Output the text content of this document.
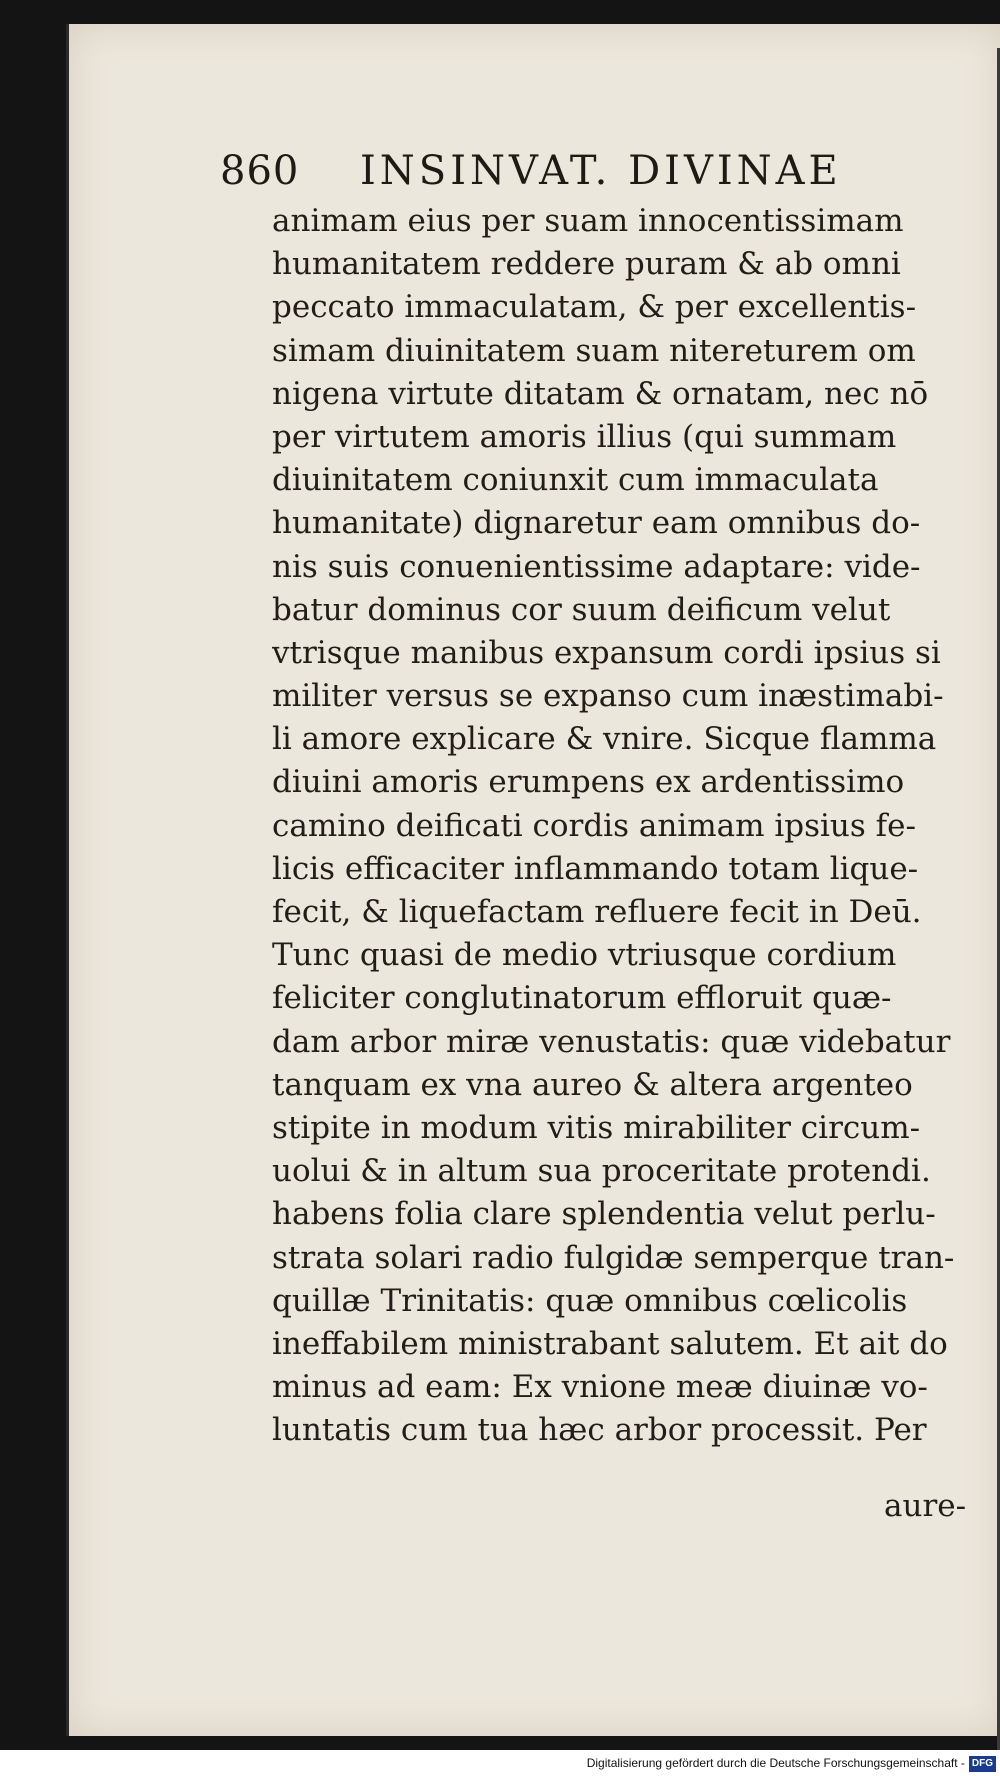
860 INSINVAT. DIVINAE
animam eius per suam innocentissimam
humanitatem reddere puram & ab omni
peccato immaculatam, & per excellentis-
simam diuinitatem suam nitereturem om
nigena virtute ditatam & ornatam, nec nō
per virtutem amoris illius (qui summam
diuinitatem coniunxit cum immaculata
humanitate) dignaretur eam omnibus do-
nis suis conuenientissime adaptare: vide-
batur dominus cor suum deificum velut
vtrisque manibus expansum cordi ipsius si
militer versus se expanso cum inæstimabi-
li amore explicare & vnire. Sicque flamma
diuini amoris erumpens ex ardentissimo
camino deificati cordis animam ipsius fe-
licis efficaciter inflammando totam lique-
fecit, & liquefactam refluere fecit in Deū.
Tunc quasi de medio vtriusque cordium
feliciter conglutinatorum effloruit quæ-
dam arbor miræ venustatis: quæ videbatur
tanquam ex vna aureo & altera argenteo
stipite in modum vitis mirabiliter circum-
uolui & in altum sua proceritate protendi.
habens folia clare splendentia velut perlu-
strata solari radio fulgidæ semperque tran-
quillæ Trinitatis: quæ omnibus cœlicolis
ineffabilem ministrabant salutem. Et ait do
minus ad eam: Ex vnione meæ diuinæ vo-
luntatis cum tua hæc arbor processit. Per
aure-
Digitalisierung gefördert durch die Deutsche Forschungsgemeinschaft - DFG
